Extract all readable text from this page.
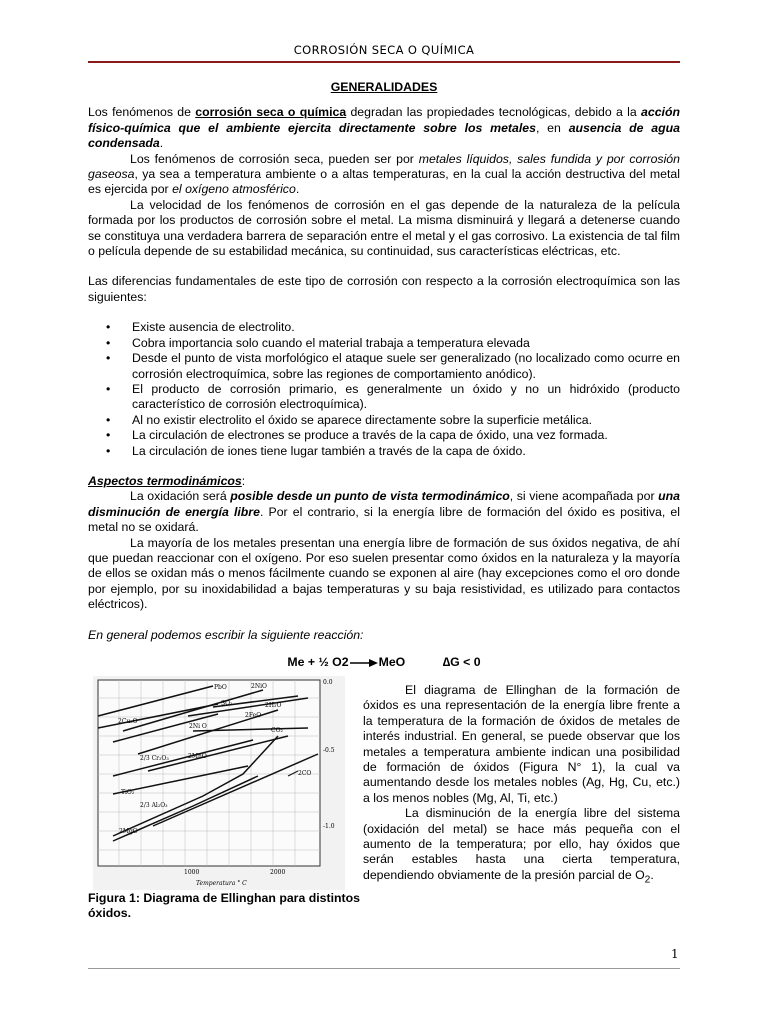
CORROSIÓN SECA O QUÍMICA
GENERALIDADES

Los fenómenos de corrosión seca o química degradan las propiedades tecnológicas, debido a la acción físico-química que el ambiente ejercita directamente sobre los metales, en ausencia de agua condensada.

Los fenómenos de corrosión seca, pueden ser por metales líquidos, sales fundida y por corrosión gaseosa, ya sea a temperatura ambiente o a altas temperaturas, en la cual la acción destructiva del metal es ejercida por el oxígeno atmosférico.

La velocidad de los fenómenos de corrosión en el gas depende de la naturaleza de la película formada por los productos de corrosión sobre el metal. La misma disminuirá y llegará a detenerse cuando se constituya una verdadera barrera de separación entre el metal y el gas corrosivo. La existencia de tal film o película depende de su estabilidad mecánica, su continuidad, sus características eléctricas, etc.

Las diferencias fundamentales de este tipo de corrosión con respecto a la corrosión electroquímica son las siguientes:

• Existe ausencia de electrolito.
• Cobra importancia solo cuando el material trabaja a temperatura elevada
• Desde el punto de vista morfológico el ataque suele ser generalizado (no localizado como ocurre en corrosión electroquímica, sobre las regiones de comportamiento anódico).
• El producto de corrosión primario, es generalmente un óxido y no un hidróxido (producto característico de corrosión electroquímica).
• Al no existir electrolito el óxido se aparece directamente sobre la superficie metálica.
• La circulación de electrones se produce a través de la capa de óxido, una vez formada.
• La circulación de iones tiene lugar también a través de la capa de óxido.

Aspectos termodinámicos:

La oxidación será posible desde un punto de vista termodinámico, si viene acompañada por una disminución de energía libre. Por el contrario, si la energía libre de formación del óxido es positiva, el metal no se oxidará.

La mayoría de los metales presentan una energía libre de formación de sus óxidos negativa, de ahí que puedan reaccionar con el oxígeno. Por eso suelen presentar como óxidos en la naturaleza y la mayoría de ellos se oxidan más o menos fácilmente cuando se exponen al aire (hay excepciones como el oro donde por ejemplo, por su inoxidabilidad a bajas temperaturas y su baja resistividad, es utilizado para contactos eléctricos).

En general podemos escribir la siguiente reacción:

Me + ½ O2 MeO	∆G < 0
PbO	2NiO
2Cu₂O
SO₂	2H₂O
2Ni O
2FeO
CO₂
2/3 Cr₂O₃	2MnO
2CO
TiO₂
2/3 Al₂O₃
2MgO
0.0
-0.5
-1.0
1000	2000
Temperatura ° C
Figura 1: Diagrama de Ellinghan para distintos óxidos.

El diagrama de Ellinghan de la formación de óxidos es una representación de la energía libre frente a la temperatura de la formación de óxidos de metales de interés industrial. En general, se puede observar que los metales a temperatura ambiente indican una posibilidad de formación de óxidos (Figura N° 1), la cual va aumentando desde los metales nobles (Ag, Hg, Cu, etc.) a los menos nobles (Mg, Al, Ti, etc.)

La disminución de la energía libre del sistema (oxidación del metal) se hace más pequeña con el aumento de la temperatura; por ello, hay óxidos que serán estables hasta una cierta temperatura, dependiendo obviamente de la presión parcial de $O_2$.

1
